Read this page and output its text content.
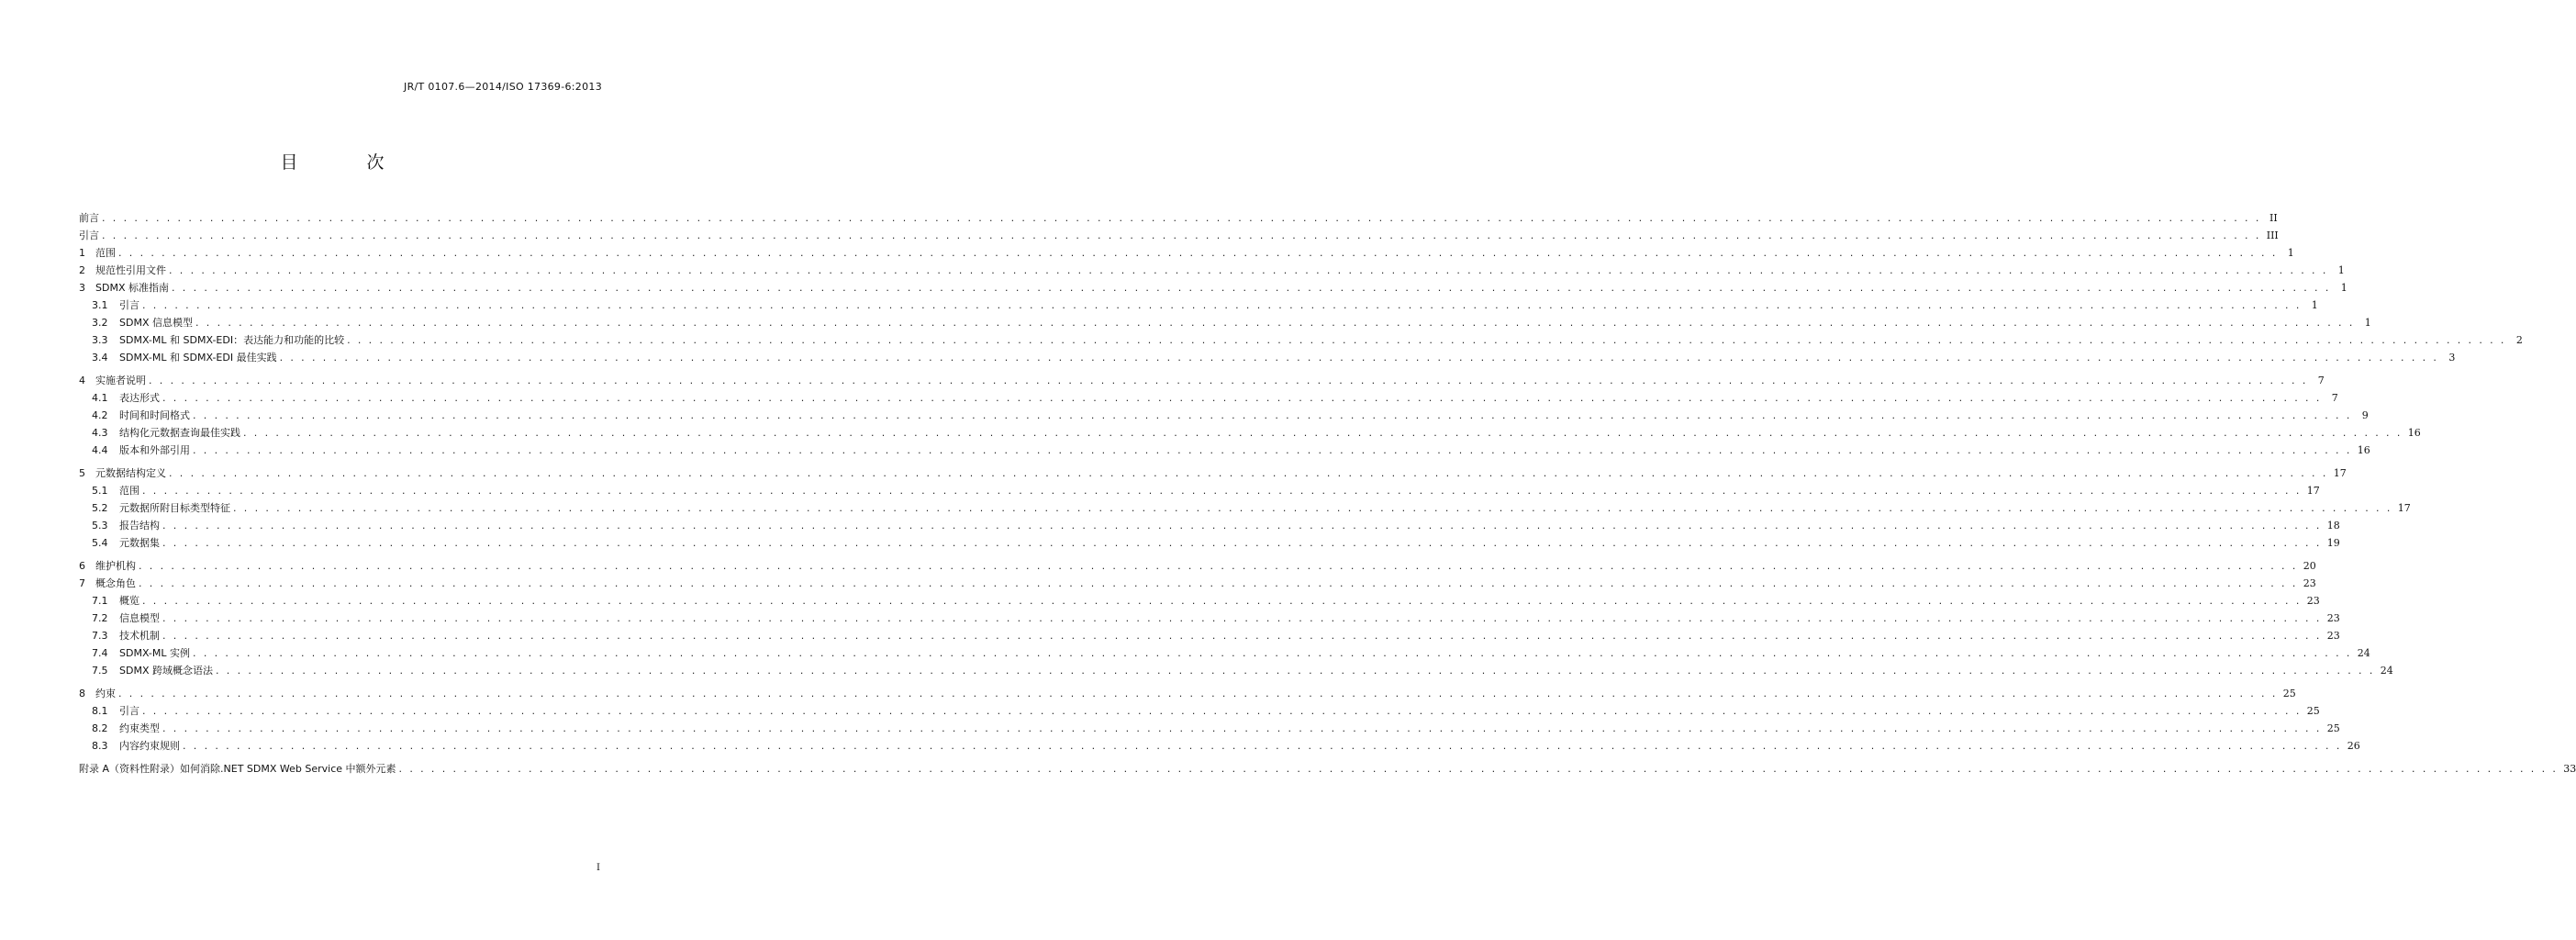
JR/T 0107.6—2014/ISO 17369-6:2013
目　次
前言 . . . . . . . . . . . . . . . . . . . . . . . . . . . . . . . . . . . . . . . . . . . . . . . . . . . . . . . . . . . . . . . . . . . . . . . . . . . . . . . . . . . . . . . . . . . . . . . . . . . . . . . . . . . . . . . . . . . . . . . . . . . . . . . . . . . . . . . . . . . . . . . . . . . . . . . . . . . . . . . . . . . . . . . . . . . . . . . . . . . . . . . . . . . . . . . . . . . . . . . . II
引言 . . . . . . . . . . . . . . . . . . . . . . . . . . . . . . . . . . . . . . . . . . . . . . . . . . . . . . . . . . . . . . . . . . . . . . . . . . . . . . . . . . . . . . . . . . . . . . . . . . . . . . . . . . . . . . . . . . . . . . . . . . . . . . . . . . . . . . . . . . . . . . . . . . . . . . . . . . . . . . . . . . . . . . . . . . . . . . . . . . . . . . . . . . . . . . . . . . . . . . . . III
1 范围 . . . . . . . . . . . . . . . . . . . . . . . . . . . . . . . . . . . . . . . . . . . . . . . . . . . . . . . . . . . . . . . . . . . . . . . . . . . . . . . . . . . . . . . . . . . . . . . . . . . . . . . . . . . . . . . . . . . . . . . . . . . . . . . . . . . . . . . . . . . . . . . . . . . . . . . . . . . . . . . . . . . . . . . . . . . . . . . . . . . . . . . . . . . . . . . . . . . . . . . .	1
2 规范性引用文件 . . . . . . . . . . . . . . . . . . . . . . . . . . . . . . . . . . . . . . . . . . . . . . . . . . . . . . . . . . . . . . . . . . . . . . . . . . . . . . . . . . . . . . . . . . . . . . . . . . . . . . . . . . . . . . . . . . . . . . . . . . . . . . . . . . . . . . . . . . . . . . . . . . . . . . . . . . . . . . . . . . . . . . . . . . . . . . . . . . . . . . . . . . . . . . . . . . . . . . . .	1
3 SDMX 标准指南 . . . . . . . . . . . . . . . . . . . . . . . . . . . . . . . . . . . . . . . . . . . . . . . . . . . . . . . . . . . . . . . . . . . . . . . . . . . . . . . . . . . . . . . . . . . . . . . . . . . . . . . . . . . . . . . . . . . . . . . . . . . . . . . . . . . . . . . . . . . . . . . . . . . . . . . . . . . . . . . . . . . . . . . . . . . . . . . . . . . . . . . . . . . . . . . . . . . . . . . .	1
3.1 引言 . . . . . . . . . . . . . . . . . . . . . . . . . . . . . . . . . . . . . . . . . . . . . . . . . . . . . . . . . . . . . . . . . . . . . . . . . . . . . . . . . . . . . . . . . . . . . . . . . . . . . . . . . . . . . . . . . . . . . . . . . . . . . . . . . . . . . . . . . . . . . . . . . . . . . . . . . . . . . . . . . . . . . . . . . . . . . . . . . . . . . . . . . . . . . . . . . . . . . . . .	1
3.2 SDMX 信息模型 . . . . . . . . . . . . . . . . . . . . . . . . . . . . . . . . . . . . . . . . . . . . . . . . . . . . . . . . . . . . . . . . . . . . . . . . . . . . . . . . . . . . . . . . . . . . . . . . . . . . . . . . . . . . . . . . . . . . . . . . . . . . . . . . . . . . . . . . . . . . . . . . . . . . . . . . . . . . . . . . . . . . . . . . . . . . . . . . . . . . . . . . . . . . . . . . . . . . . . . .	1
3.3 SDMX-ML 和 SDMX-EDI：表达能力和功能的比较 . . . . . . . . . . . . . . . . . . . . . . . . . . . . . . . . . . . . . . . . . . . . . . . . . . . . . . . . . . . . . . . . . . . . . . . . . . . . . . . . . . . . . . . . . . . . . . . . . . . . . . . . . . . . . . . . . . . . . . . . . . . . . . . . . . . . . . . . . . . . . . . . . . . . . . . . . . . . . . . . . . . . . . . . . . . . . . . . . . . . . . . . . . . . . . . . . . . . . . . .	2
3.4 SDMX-ML 和 SDMX-EDI 最佳实践 . . . . . . . . . . . . . . . . . . . . . . . . . . . . . . . . . . . . . . . . . . . . . . . . . . . . . . . . . . . . . . . . . . . . . . . . . . . . . . . . . . . . . . . . . . . . . . . . . . . . . . . . . . . . . . . . . . . . . . . . . . . . . . . . . . . . . . . . . . . . . . . . . . . . . . . . . . . . . . . . . . . . . . . . . . . . . . . . . . . . . . . . . . . . . . . . . . . . . . . .	3
4 实施者说明 . . . . . . . . . . . . . . . . . . . . . . . . . . . . . . . . . . . . . . . . . . . . . . . . . . . . . . . . . . . . . . . . . . . . . . . . . . . . . . . . . . . . . . . . . . . . . . . . . . . . . . . . . . . . . . . . . . . . . . . . . . . . . . . . . . . . . . . . . . . . . . . . . . . . . . . . . . . . . . . . . . . . . . . . . . . . . . . . . . . . . . . . . . . . . . . . . . . . . . . .	7
4.1 表达形式 . . . . . . . . . . . . . . . . . . . . . . . . . . . . . . . . . . . . . . . . . . . . . . . . . . . . . . . . . . . . . . . . . . . . . . . . . . . . . . . . . . . . . . . . . . . . . . . . . . . . . . . . . . . . . . . . . . . . . . . . . . . . . . . . . . . . . . . . . . . . . . . . . . . . . . . . . . . . . . . . . . . . . . . . . . . . . . . . . . . . . . . . . . . . . . . . . . . . . . . .	7
4.2 时间和时间格式 . . . . . . . . . . . . . . . . . . . . . . . . . . . . . . . . . . . . . . . . . . . . . . . . . . . . . . . . . . . . . . . . . . . . . . . . . . . . . . . . . . . . . . . . . . . . . . . . . . . . . . . . . . . . . . . . . . . . . . . . . . . . . . . . . . . . . . . . . . . . . . . . . . . . . . . . . . . . . . . . . . . . . . . . . . . . . . . . . . . . . . . . . . . . . . . . . . . . . . . .	9
4.3 结构化元数据查询最佳实践 . . . . . . . . . . . . . . . . . . . . . . . . . . . . . . . . . . . . . . . . . . . . . . . . . . . . . . . . . . . . . . . . . . . . . . . . . . . . . . . . . . . . . . . . . . . . . . . . . . . . . . . . . . . . . . . . . . . . . . . . . . . . . . . . . . . . . . . . . . . . . . . . . . . . . . . . . . . . . . . . . . . . . . . . . . . . . . . . . . . . . . . . . . . . . . . . . . . . . . . . 16
4.4 版本和外部引用 . . . . . . . . . . . . . . . . . . . . . . . . . . . . . . . . . . . . . . . . . . . . . . . . . . . . . . . . . . . . . . . . . . . . . . . . . . . . . . . . . . . . . . . . . . . . . . . . . . . . . . . . . . . . . . . . . . . . . . . . . . . . . . . . . . . . . . . . . . . . . . . . . . . . . . . . . . . . . . . . . . . . . . . . . . . . . . . . . . . . . . . . . . . . . . . . . . . . . . . . 16
5 元数据结构定义 . . . . . . . . . . . . . . . . . . . . . . . . . . . . . . . . . . . . . . . . . . . . . . . . . . . . . . . . . . . . . . . . . . . . . . . . . . . . . . . . . . . . . . . . . . . . . . . . . . . . . . . . . . . . . . . . . . . . . . . . . . . . . . . . . . . . . . . . . . . . . . . . . . . . . . . . . . . . . . . . . . . . . . . . . . . . . . . . . . . . . . . . . . . . . . . . . . . . . . . . 17
5.1 范围 . . . . . . . . . . . . . . . . . . . . . . . . . . . . . . . . . . . . . . . . . . . . . . . . . . . . . . . . . . . . . . . . . . . . . . . . . . . . . . . . . . . . . . . . . . . . . . . . . . . . . . . . . . . . . . . . . . . . . . . . . . . . . . . . . . . . . . . . . . . . . . . . . . . . . . . . . . . . . . . . . . . . . . . . . . . . . . . . . . . . . . . . . . . . . . . . . . . . . . . . 17
5.2 元数据所附目标类型特征 . . . . . . . . . . . . . . . . . . . . . . . . . . . . . . . . . . . . . . . . . . . . . . . . . . . . . . . . . . . . . . . . . . . . . . . . . . . . . . . . . . . . . . . . . . . . . . . . . . . . . . . . . . . . . . . . . . . . . . . . . . . . . . . . . . . . . . . . . . . . . . . . . . . . . . . . . . . . . . . . . . . . . . . . . . . . . . . . . . . . . . . . . . . . . . . . . . . . . . . . 17
5.3 报告结构 . . . . . . . . . . . . . . . . . . . . . . . . . . . . . . . . . . . . . . . . . . . . . . . . . . . . . . . . . . . . . . . . . . . . . . . . . . . . . . . . . . . . . . . . . . . . . . . . . . . . . . . . . . . . . . . . . . . . . . . . . . . . . . . . . . . . . . . . . . . . . . . . . . . . . . . . . . . . . . . . . . . . . . . . . . . . . . . . . . . . . . . . . . . . . . . . . . . . . . . . 18
5.4 元数据集 . . . . . . . . . . . . . . . . . . . . . . . . . . . . . . . . . . . . . . . . . . . . . . . . . . . . . . . . . . . . . . . . . . . . . . . . . . . . . . . . . . . . . . . . . . . . . . . . . . . . . . . . . . . . . . . . . . . . . . . . . . . . . . . . . . . . . . . . . . . . . . . . . . . . . . . . . . . . . . . . . . . . . . . . . . . . . . . . . . . . . . . . . . . . . . . . . . . . . . . . 19
6 维护机构 . . . . . . . . . . . . . . . . . . . . . . . . . . . . . . . . . . . . . . . . . . . . . . . . . . . . . . . . . . . . . . . . . . . . . . . . . . . . . . . . . . . . . . . . . . . . . . . . . . . . . . . . . . . . . . . . . . . . . . . . . . . . . . . . . . . . . . . . . . . . . . . . . . . . . . . . . . . . . . . . . . . . . . . . . . . . . . . . . . . . . . . . . . . . . . . . . . . . . . . . 20
7 概念角色 . . . . . . . . . . . . . . . . . . . . . . . . . . . . . . . . . . . . . . . . . . . . . . . . . . . . . . . . . . . . . . . . . . . . . . . . . . . . . . . . . . . . . . . . . . . . . . . . . . . . . . . . . . . . . . . . . . . . . . . . . . . . . . . . . . . . . . . . . . . . . . . . . . . . . . . . . . . . . . . . . . . . . . . . . . . . . . . . . . . . . . . . . . . . . . . . . . . . . . . . 23
7.1 概览 . . . . . . . . . . . . . . . . . . . . . . . . . . . . . . . . . . . . . . . . . . . . . . . . . . . . . . . . . . . . . . . . . . . . . . . . . . . . . . . . . . . . . . . . . . . . . . . . . . . . . . . . . . . . . . . . . . . . . . . . . . . . . . . . . . . . . . . . . . . . . . . . . . . . . . . . . . . . . . . . . . . . . . . . . . . . . . . . . . . . . . . . . . . . . . . . . . . . . . . . 23
7.2 信息模型 . . . . . . . . . . . . . . . . . . . . . . . . . . . . . . . . . . . . . . . . . . . . . . . . . . . . . . . . . . . . . . . . . . . . . . . . . . . . . . . . . . . . . . . . . . . . . . . . . . . . . . . . . . . . . . . . . . . . . . . . . . . . . . . . . . . . . . . . . . . . . . . . . . . . . . . . . . . . . . . . . . . . . . . . . . . . . . . . . . . . . . . . . . . . . . . . . . . . . . . . 23
7.3 技术机制 . . . . . . . . . . . . . . . . . . . . . . . . . . . . . . . . . . . . . . . . . . . . . . . . . . . . . . . . . . . . . . . . . . . . . . . . . . . . . . . . . . . . . . . . . . . . . . . . . . . . . . . . . . . . . . . . . . . . . . . . . . . . . . . . . . . . . . . . . . . . . . . . . . . . . . . . . . . . . . . . . . . . . . . . . . . . . . . . . . . . . . . . . . . . . . . . . . . . . . . . 23
7.4 SDMX-ML 实例 . . . . . . . . . . . . . . . . . . . . . . . . . . . . . . . . . . . . . . . . . . . . . . . . . . . . . . . . . . . . . . . . . . . . . . . . . . . . . . . . . . . . . . . . . . . . . . . . . . . . . . . . . . . . . . . . . . . . . . . . . . . . . . . . . . . . . . . . . . . . . . . . . . . . . . . . . . . . . . . . . . . . . . . . . . . . . . . . . . . . . . . . . . . . . . . . . . . . . . . . 24
7.5 SDMX 跨域概念语法 . . . . . . . . . . . . . . . . . . . . . . . . . . . . . . . . . . . . . . . . . . . . . . . . . . . . . . . . . . . . . . . . . . . . . . . . . . . . . . . . . . . . . . . . . . . . . . . . . . . . . . . . . . . . . . . . . . . . . . . . . . . . . . . . . . . . . . . . . . . . . . . . . . . . . . . . . . . . . . . . . . . . . . . . . . . . . . . . . . . . . . . . . . . . . . . . . . . . . . . . 24
8 约束 . . . . . . . . . . . . . . . . . . . . . . . . . . . . . . . . . . . . . . . . . . . . . . . . . . . . . . . . . . . . . . . . . . . . . . . . . . . . . . . . . . . . . . . . . . . . . . . . . . . . . . . . . . . . . . . . . . . . . . . . . . . . . . . . . . . . . . . . . . . . . . . . . . . . . . . . . . . . . . . . . . . . . . . . . . . . . . . . . . . . . . . . . . . . . . . . . . . . . . . . 25
8.1 引言 . . . . . . . . . . . . . . . . . . . . . . . . . . . . . . . . . . . . . . . . . . . . . . . . . . . . . . . . . . . . . . . . . . . . . . . . . . . . . . . . . . . . . . . . . . . . . . . . . . . . . . . . . . . . . . . . . . . . . . . . . . . . . . . . . . . . . . . . . . . . . . . . . . . . . . . . . . . . . . . . . . . . . . . . . . . . . . . . . . . . . . . . . . . . . . . . . . . . . . . . 25
8.2 约束类型 . . . . . . . . . . . . . . . . . . . . . . . . . . . . . . . . . . . . . . . . . . . . . . . . . . . . . . . . . . . . . . . . . . . . . . . . . . . . . . . . . . . . . . . . . . . . . . . . . . . . . . . . . . . . . . . . . . . . . . . . . . . . . . . . . . . . . . . . . . . . . . . . . . . . . . . . . . . . . . . . . . . . . . . . . . . . . . . . . . . . . . . . . . . . . . . . . . . . . . . . 25
8.3 内容约束规则 . . . . . . . . . . . . . . . . . . . . . . . . . . . . . . . . . . . . . . . . . . . . . . . . . . . . . . . . . . . . . . . . . . . . . . . . . . . . . . . . . . . . . . . . . . . . . . . . . . . . . . . . . . . . . . . . . . . . . . . . . . . . . . . . . . . . . . . . . . . . . . . . . . . . . . . . . . . . . . . . . . . . . . . . . . . . . . . . . . . . . . . . . . . . . . . . . . . . . . . . 26
附录 A（资料性附录）如何消除.NET SDMX Web Service 中额外元素 . . . . . . . . . . . . . . . . . . . . . . . . . . . . . . . . . . . . . . . . . . . . . . . . . . . . . . . . . . . . . . . . . . . . . . . . . . . . . . . . . . . . . . . . . . . . . . . . . . . . . . . . . . . . . . . . . . . . . . . . . . . . . . . . . . . . . . . . . . . . . . . . . . . . . . . . . . . . . . . . . . . . . . . . . . . . . . . . . . . . . . . . . . . . . . . . . . . . . . . . 33
I
